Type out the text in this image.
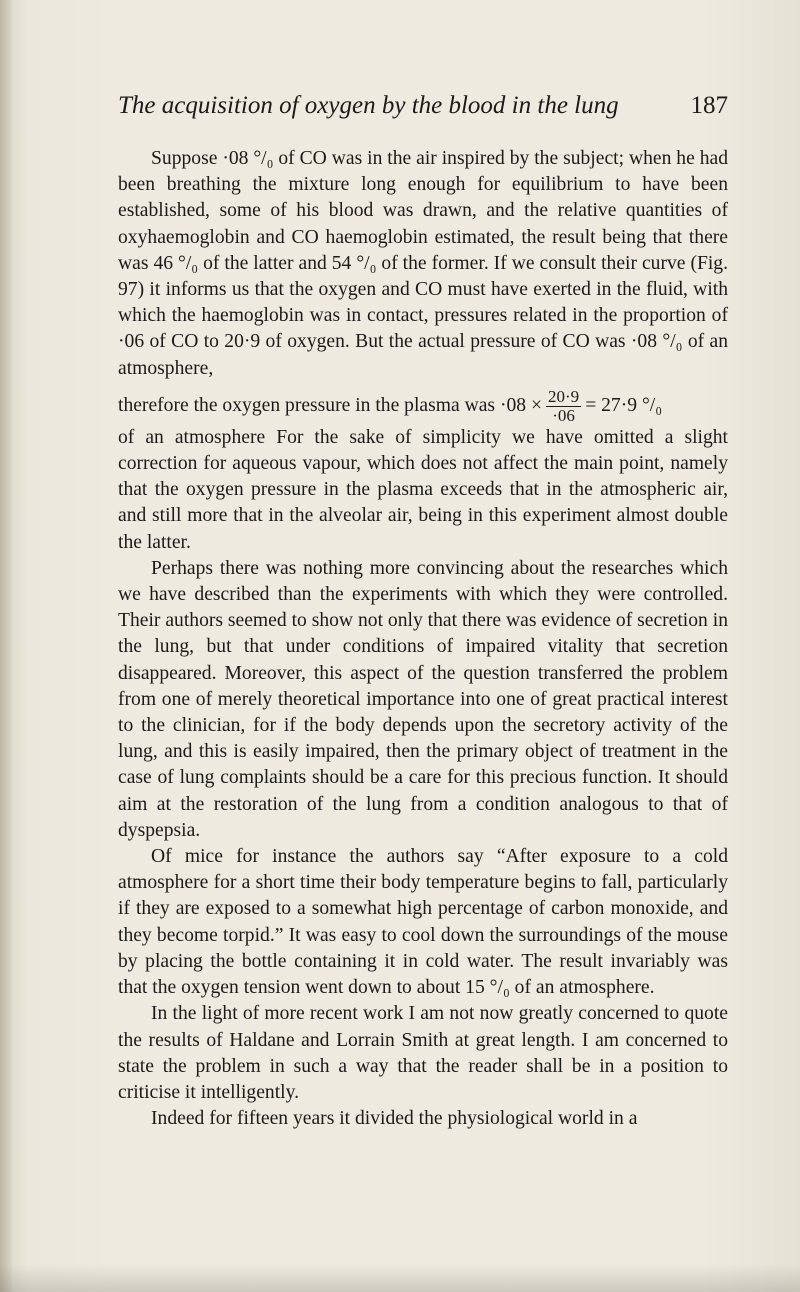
The acquisition of oxygen by the blood in the lung	187

Suppose ·08 °/₀ of CO was in the air inspired by the subject; when he had been breathing the mixture long enough for equilibrium to have been established, some of his blood was drawn, and the relative quantities of oxyhaemoglobin and CO haemoglobin estimated, the result being that there was 46 °/₀ of the latter and 54 °/₀ of the former. If we consult their curve (Fig. 97) it informs us that the oxygen and CO must have exerted in the fluid, with which the haemoglobin was in contact, pressures related in the proportion of ·06 of CO to 20·9 of oxygen. But the actual pressure of CO was ·08 °/₀ of an atmosphere,

therefore the oxygen pressure in the plasma was $\cdot 08 \times \frac{20\cdot 9}{\cdot 06} = 27\cdot 9$ °/₀

of an atmosphere For the sake of simplicity we have omitted a slight correction for aqueous vapour, which does not affect the main point, namely that the oxygen pressure in the plasma exceeds that in the atmospheric air, and still more that in the alveolar air, being in this experiment almost double the latter.

Perhaps there was nothing more convincing about the researches which we have described than the experiments with which they were controlled. Their authors seemed to show not only that there was evidence of secretion in the lung, but that under conditions of impaired vitality that secretion disappeared. Moreover, this aspect of the question transferred the problem from one of merely theoretical importance into one of great practical interest to the clinician, for if the body depends upon the secretory activity of the lung, and this is easily impaired, then the primary object of treatment in the case of lung complaints should be a care for this precious function. It should aim at the restoration of the lung from a condition analogous to that of dyspepsia.

Of mice for instance the authors say “After exposure to a cold atmosphere for a short time their body temperature begins to fall, particularly if they are exposed to a somewhat high percentage of carbon monoxide, and they become torpid.” It was easy to cool down the surroundings of the mouse by placing the bottle containing it in cold water. The result invariably was that the oxygen tension went down to about 15 °/₀ of an atmosphere.

In the light of more recent work I am not now greatly concerned to quote the results of Haldane and Lorrain Smith at great length. I am concerned to state the problem in such a way that the reader shall be in a position to criticise it intelligently.

Indeed for fifteen years it divided the physiological world in a
